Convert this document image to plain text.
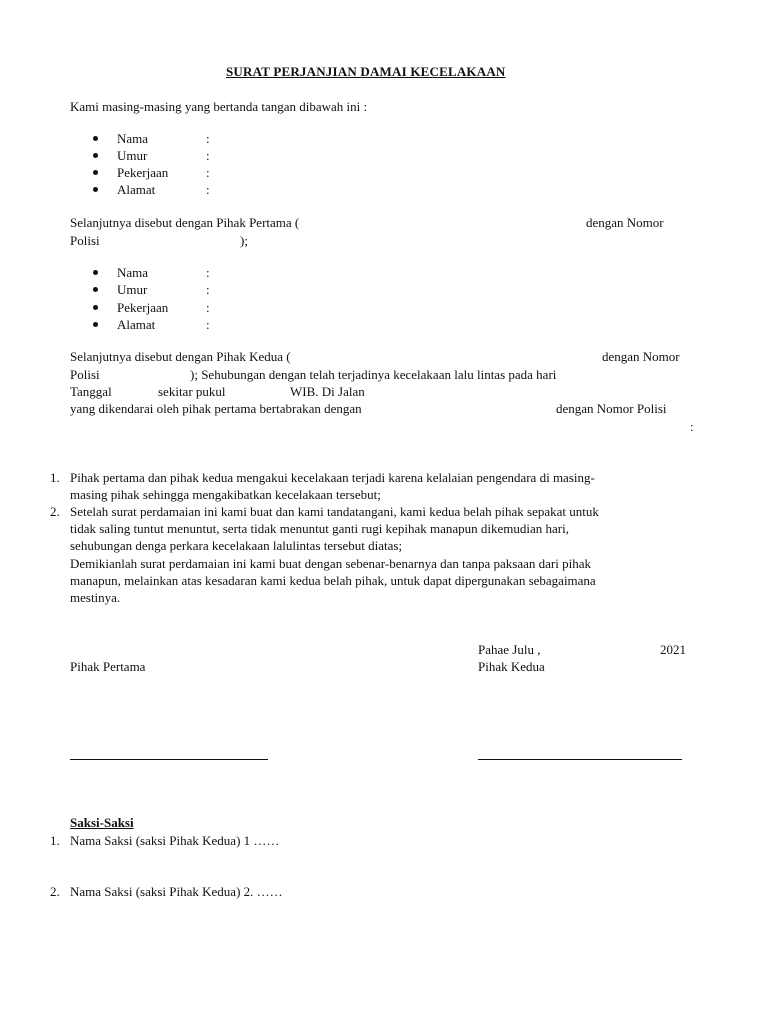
SURAT PERJANJIAN DAMAI KECELAKAAN
Kami masing-masing yang bertanda tangan dibawah ini :
Nama	:
Umur	:
Pekerjaan	:
Alamat	:
Selanjutnya disebut dengan Pihak Pertama (	dengan Nomor
Polisi	);
Nama	:
Umur	:
Pekerjaan	:
Alamat	:
Selanjutnya disebut dengan Pihak Kedua (	dengan Nomor
Polisi	); Sehubungan dengan telah terjadinya kecelakaan lalu lintas pada hari
Tanggal	sekitar pukul	WIB. Di Jalan
yang dikendarai oleh pihak pertama bertabrakan dengan	dengan Nomor Polisi
:
1. Pihak pertama dan pihak kedua mengakui kecelakaan terjadi karena kelalaian pengendara di masing-
masing pihak sehingga mengakibatkan kecelakaan tersebut;
2. Setelah surat perdamaian ini kami buat dan kami tandatangani, kami kedua belah pihak sepakat untuk
tidak saling tuntut menuntut, serta tidak menuntut ganti rugi kepihak manapun dikemudian hari,
sehubungan denga perkara kecelakaan lalulintas tersebut diatas;
Demikianlah surat perdamaian ini kami buat dengan sebenar-benarnya dan tanpa paksaan dari pihak
manapun, melainkan atas kesadaran kami kedua belah pihak, untuk dapat dipergunakan sebagaimana
mestinya.
Pahae Julu ,	2021
Pihak Pertama	Pihak Kedua
Saksi-Saksi
1. Nama Saksi (saksi Pihak Kedua) 1 ……
2. Nama Saksi (saksi Pihak Kedua) 2. ……
